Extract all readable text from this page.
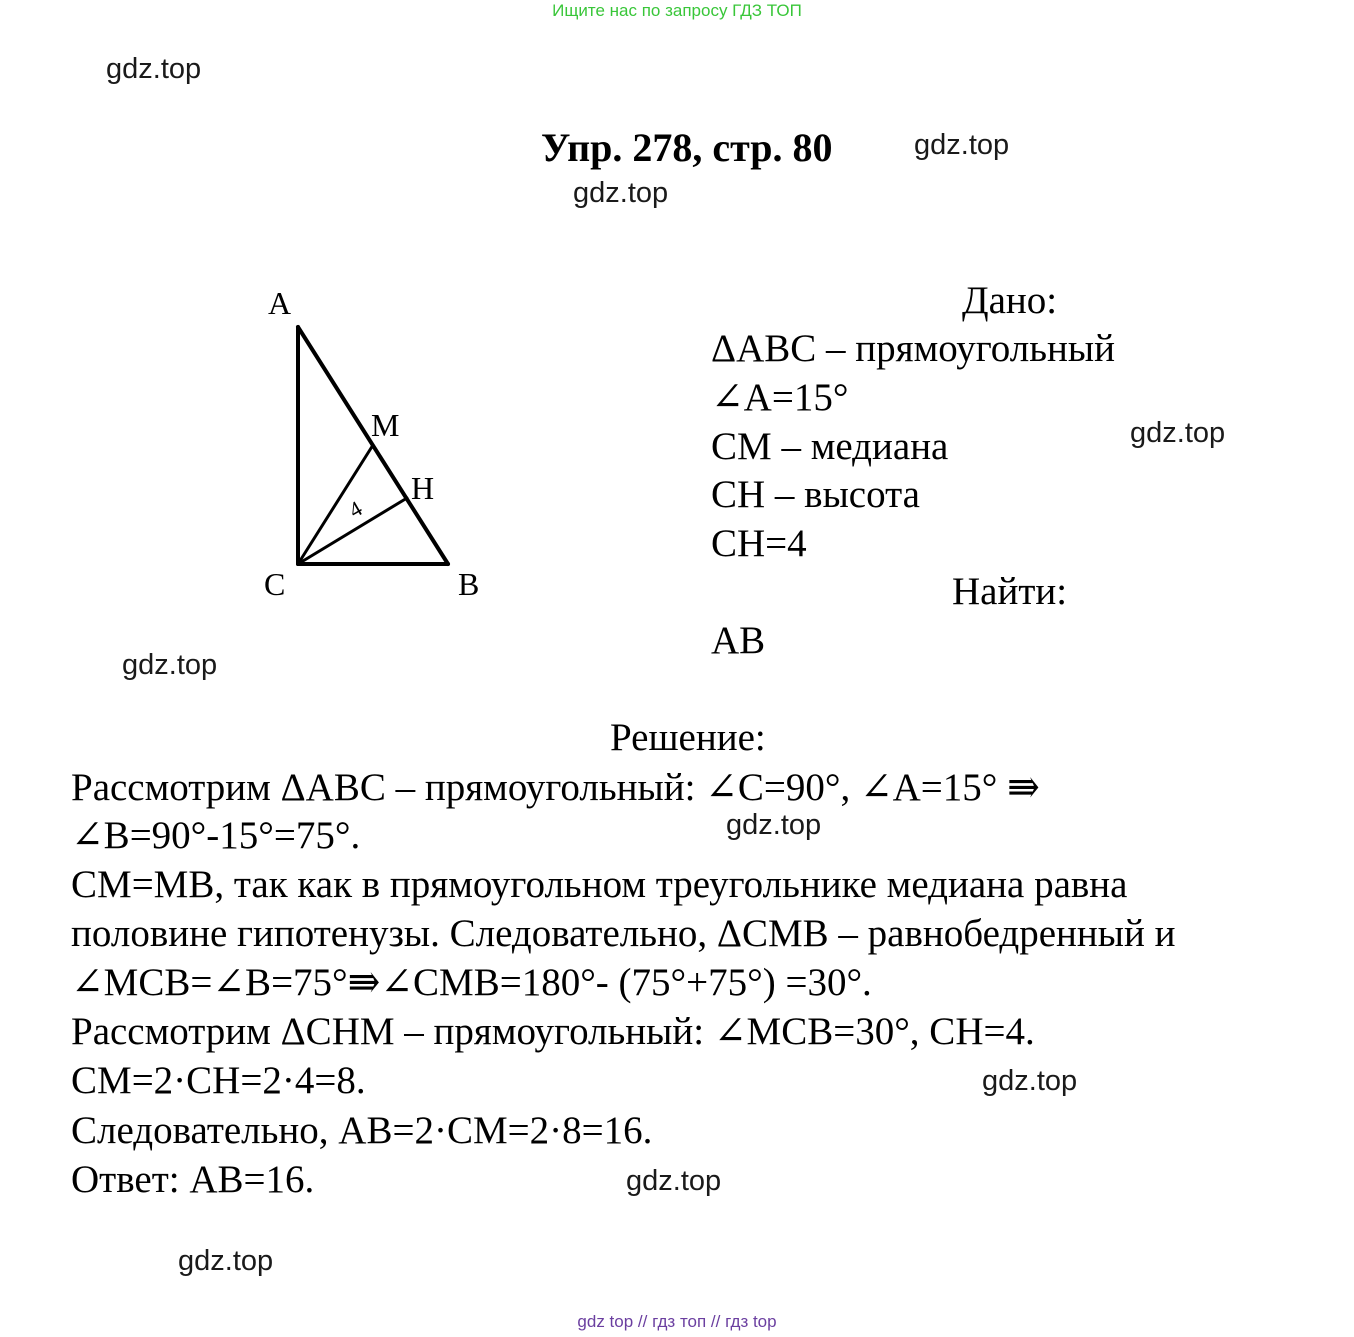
Ищите нас по запросу ГДЗ ТОП
gdz.top
gdz.top
gdz.top
gdz.top
gdz.top
gdz.top
gdz.top
gdz.top
gdz.top
Упр. 278, стр. 80
A
M
H
C	B
4
Дано:
ΔABC – прямоугольный
∠A=15°
CM – медиана
CH – высота
CH=4
Найти:
AB
Решение:
Рассмотрим ΔABC – прямоугольный: ∠C=90°, ∠A=15° ⇛
∠B=90°-15°=75°.
CM=MB, так как в прямоугольном треугольнике медиана равна
половине гипотенузы. Следовательно, ΔCMB – равнобедренный и
∠MCB=∠B=75°⇛∠CMB=180°- (75°+75°) =30°.
Рассмотрим ΔCHM – прямоугольный: ∠MCB=30°, CH=4.
CM=2·CH=2·4=8.
Следовательно, AB=2·CM=2·8=16.
Ответ: AB=16.
gdz top // гдз топ // гдз top
